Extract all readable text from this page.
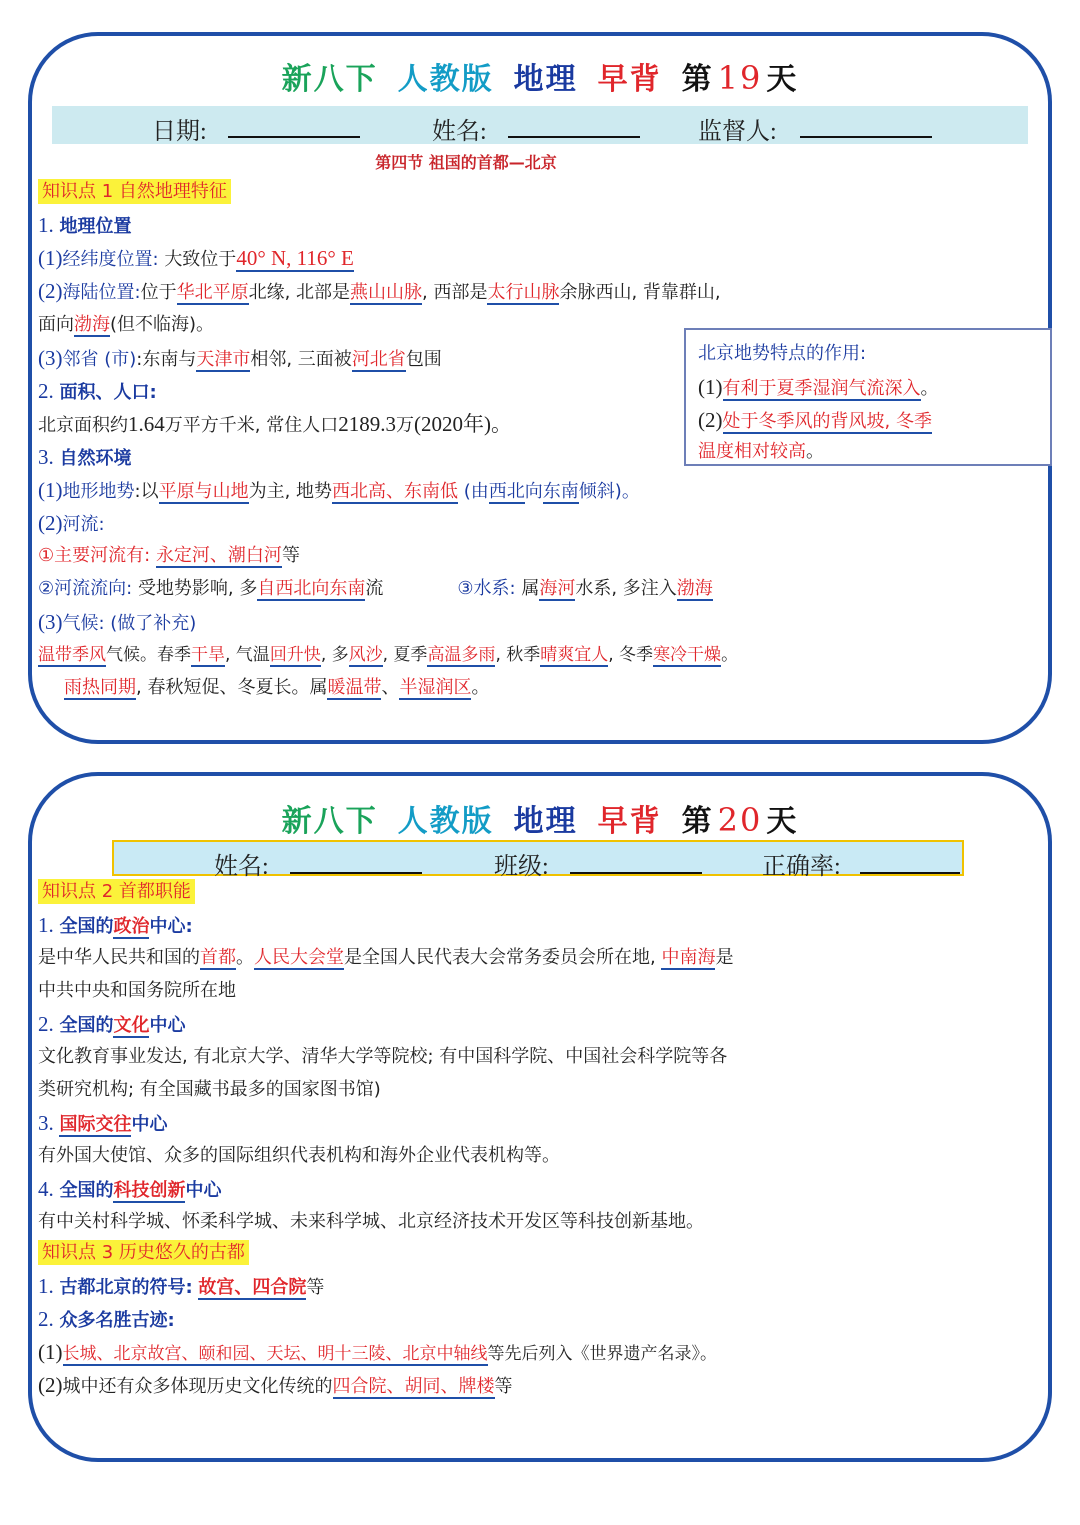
新八下 人教版 地理 早背 第 19 天
日期:	姓名:	监督人:
第四节 祖国的首都—北京
知识点 1 自然地理特征
1. 地理位置
(1)经纬度位置: 大致位于40° N, 116° E
(2)海陆位置:位于华北平原北缘, 北部是燕山山脉, 西部是太行山脉余脉西山, 背靠群山,
面向渤海(但不临海)。
(3)邻省 (市):东南与天津市相邻, 三面被河北省包围
2. 面积、人口:
北京面积约1.64万平方千米, 常住人口2189.3万(2020年)。
3. 自然环境
(1)地形地势:以平原与山地为主, 地势西北高、东南低 (由西北向东南倾斜)。
(2)河流:
①主要河流有: 永定河、潮白河等
②河流流向: 受地势影响, 多自西北向东南流	③水系: 属海河水系, 多注入渤海
(3)气候: (做了补充)
温带季风气候。春季干旱, 气温回升快, 多风沙, 夏季高温多雨, 秋季晴爽宜人, 冬季寒冷干燥。
雨热同期, 春秋短促、冬夏长。属暖温带、半湿润区。
北京地势特点的作用:
(1)有利于夏季湿润气流深入。
(2)处于冬季风的背风坡, 冬季
温度相对较高。
新八下 人教版 地理 早背 第 20 天
姓名:	班级:	正确率:
知识点 2 首都职能
1. 全国的政治中心:
是中华人民共和国的首都。人民大会堂是全国人民代表大会常务委员会所在地, 中南海是
中共中央和国务院所在地
2. 全国的文化中心
文化教育事业发达, 有北京大学、清华大学等院校; 有中国科学院、中国社会科学院等各
类研究机构; 有全国藏书最多的国家图书馆)
3. 国际交往中心
有外国大使馆、众多的国际组织代表机构和海外企业代表机构等。
4. 全国的科技创新中心
有中关村科学城、怀柔科学城、未来科学城、北京经济技术开发区等科技创新基地。
知识点 3 历史悠久的古都
1. 古都北京的符号: 故宫、四合院等
2. 众多名胜古迹:
(1)长城、北京故宫、颐和园、天坛、明十三陵、北京中轴线等先后列入《世界遗产名录》。
(2)城中还有众多体现历史文化传统的四合院、胡同、牌楼等
